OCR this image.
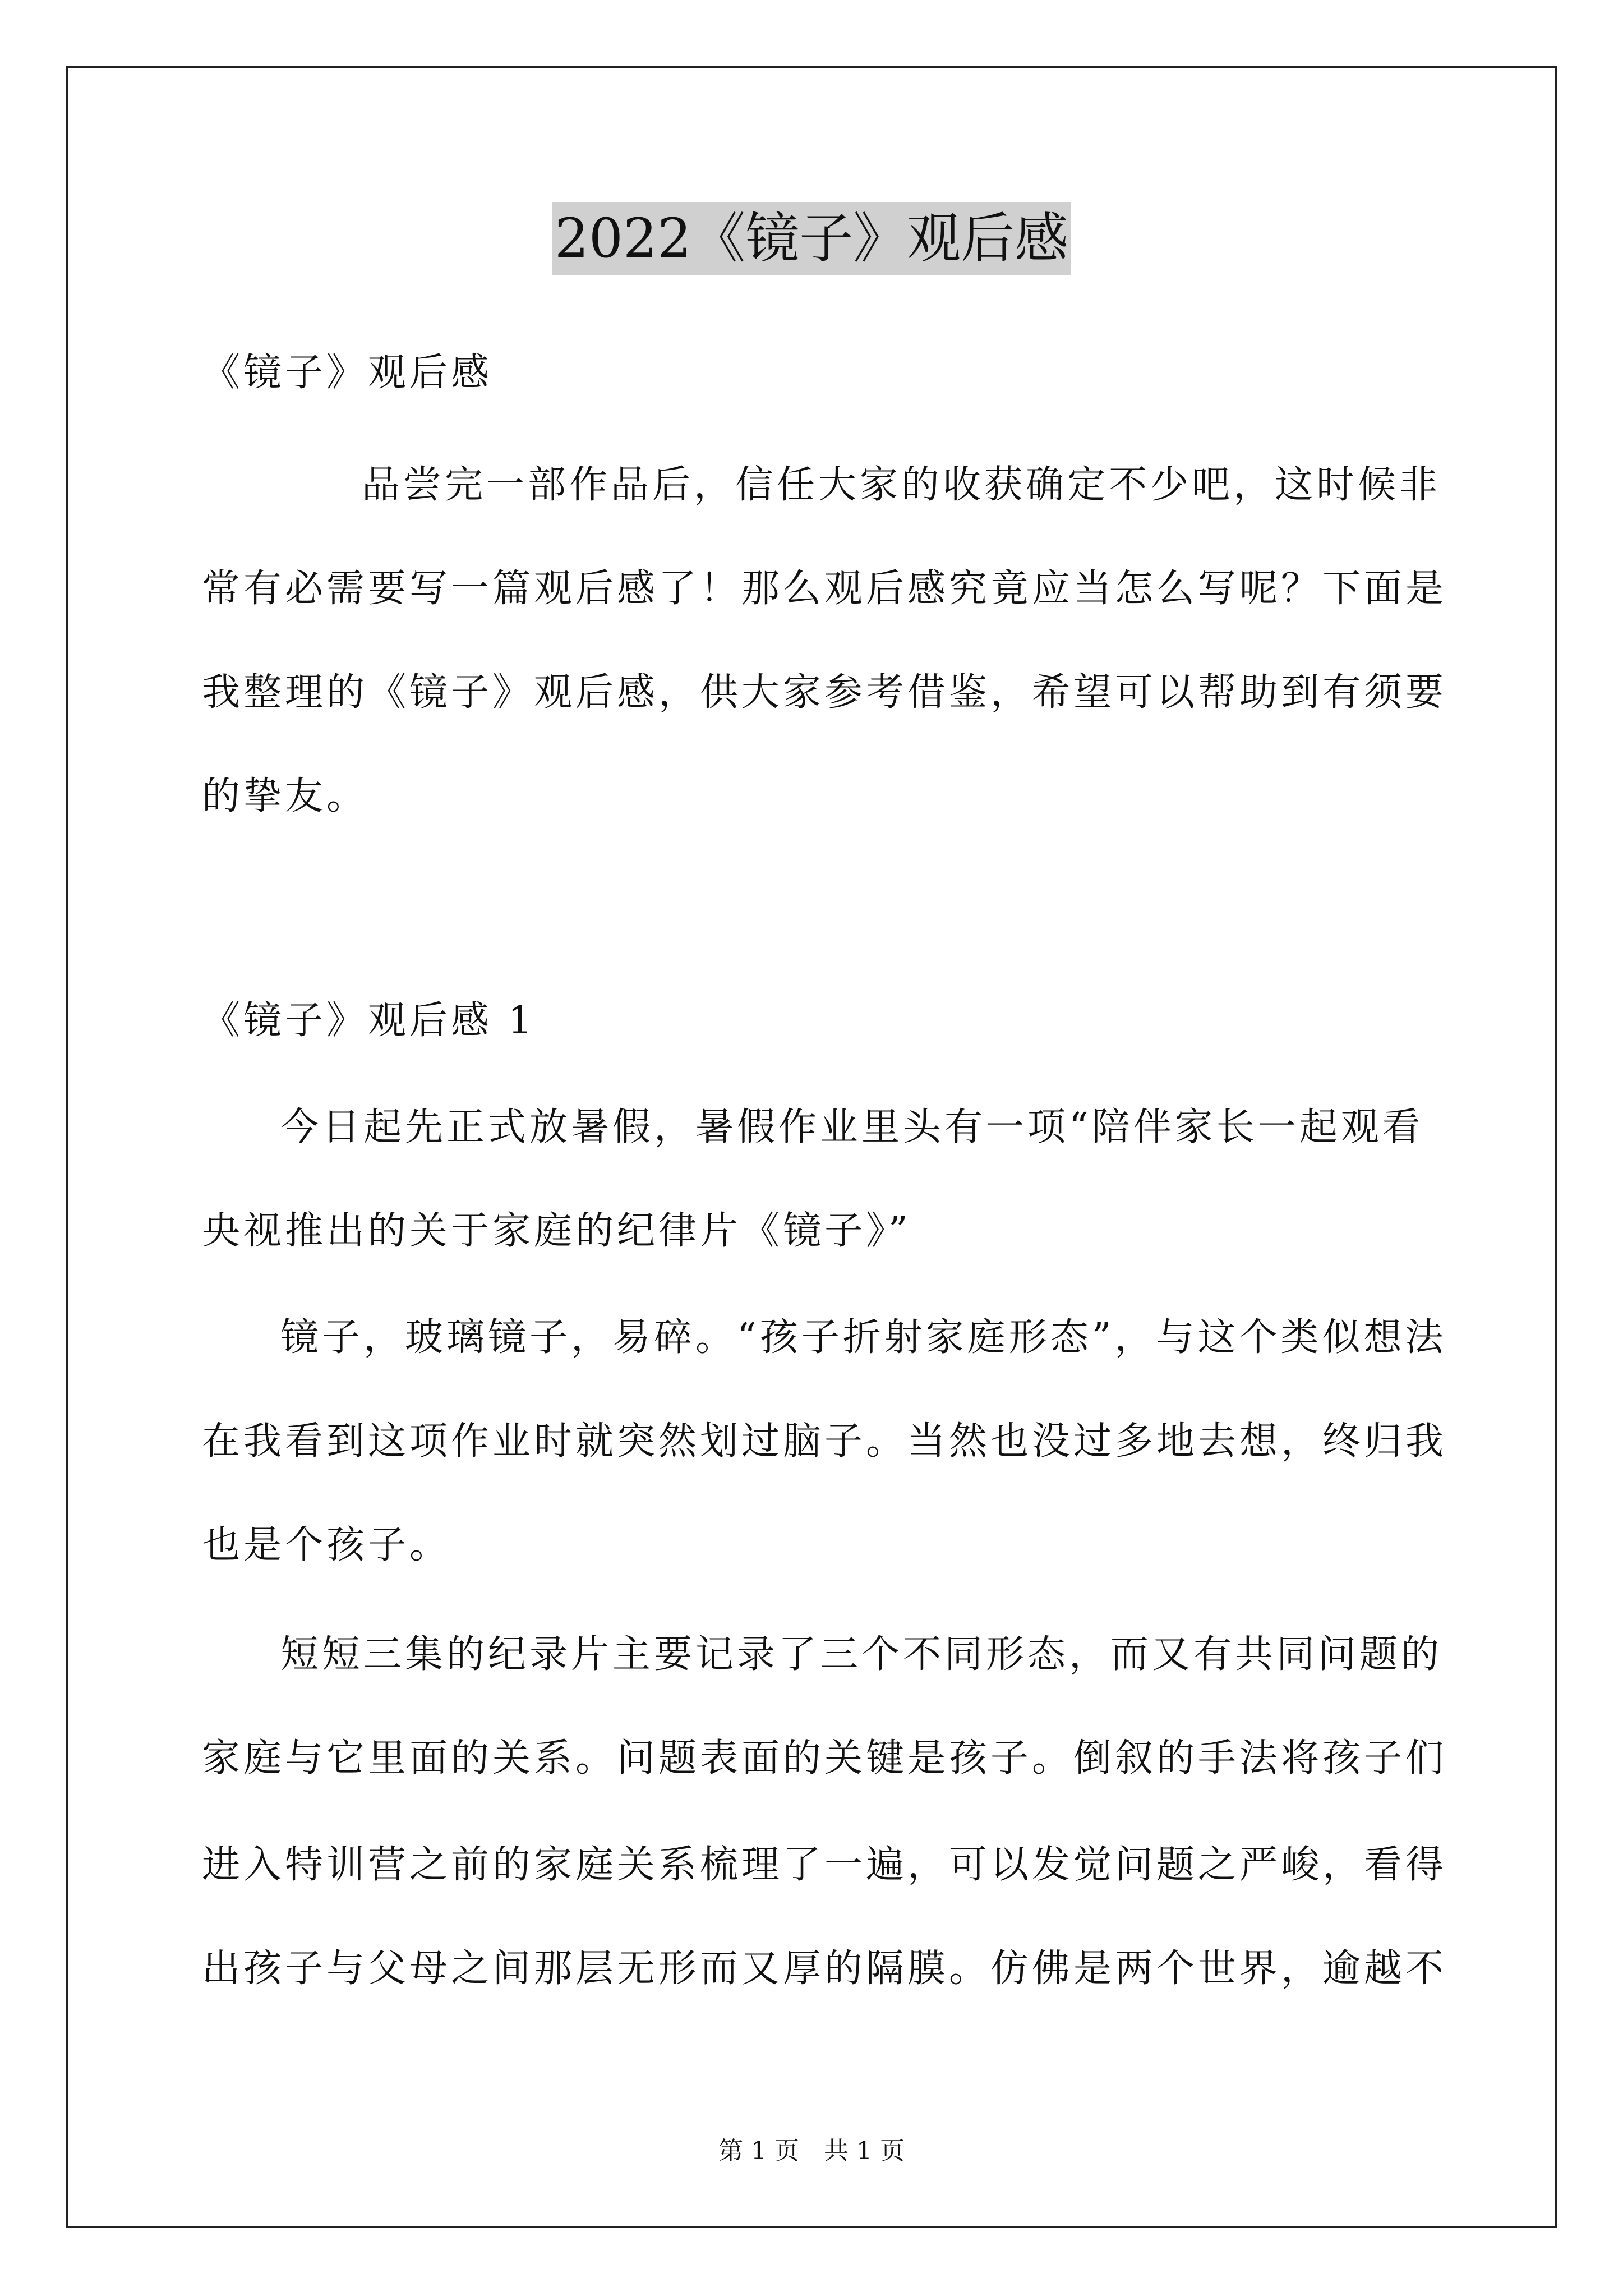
2022《镜子》观后感
《镜子》观后感
品尝完一部作品后，信任大家的收获确定不少吧，这时候非
常有必需要写一篇观后感了！那么观后感究竟应当怎么写呢？下面是
我整理的《镜子》观后感，供大家参考借鉴，希望可以帮助到有须要
的挚友。
《镜子》观后感 1
今日起先正式放暑假，暑假作业里头有一项“陪伴家长一起观看
央视推出的关于家庭的纪律片《镜子》”
镜子，玻璃镜子，易碎。“孩子折射家庭形态”，与这个类似想法
在我看到这项作业时就突然划过脑子。当然也没过多地去想，终归我
也是个孩子。
短短三集的纪录片主要记录了三个不同形态，而又有共同问题的
家庭与它里面的关系。问题表面的关键是孩子。倒叙的手法将孩子们
进入特训营之前的家庭关系梳理了一遍，可以发觉问题之严峻，看得
出孩子与父母之间那层无形而又厚的隔膜。仿佛是两个世界，逾越不
第 1 页　共 1 页
